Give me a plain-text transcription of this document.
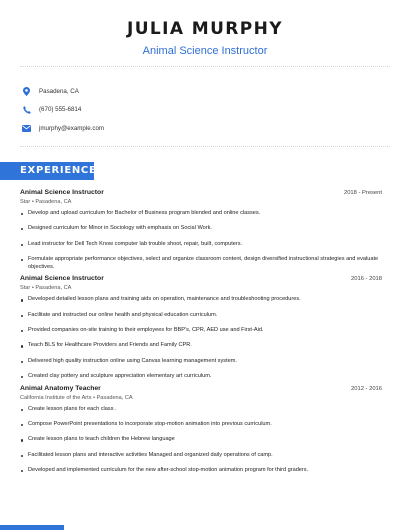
JULIA MURPHY
Animal Science Instructor
Pasadena, CA
(670) 555-6814
jmurphy@example.com
EXPERIENCE
Animal Science Instructor	2018 - Present
Star • Pasadena, CA
Develop and upload curriculum for Bachelor of Business program blended and online classes.
Designed curriculum for Minor in Sociology with emphasis on Social Work.
Lead instructor for Dell Tech Know computer lab trouble shoot, repair, built, computers.
Formulate appropriate performance objectives, select and organize classroom content, design diversified instructional strategies and evaluate objectives.
Animal Science Instructor	2016 - 2018
Star • Pasadena, CA
Developed detailed lesson plans and training aids on operation, maintenance and troubleshooting procedures.
Facilitate and instructed our online health and physical education curriculum.
Provided companies on-site training to their employees for BBP's, CPR, AED use and First-Aid.
Teach BLS for Healthcare Providers and Friends and Family CPR.
Delivered high quality instruction online using Canvas learning management system.
Created clay pottery and sculpture appreciation elementary art curriculum.
Animal Anatomy Teacher	2012 - 2016
California Institute of the Arts • Pasadena, CA
Create lesson plans for each class .
Compose PowerPoint presentations to incorporate stop-motion animation into previous curriculum.
Create lesson plans to teach children the Hebrew language
Facilitated lesson plans and interactive activities Managed and organized daily operations of camp.
Developed and implemented curriculum for the new after-school stop-motion animation program for third graders.
